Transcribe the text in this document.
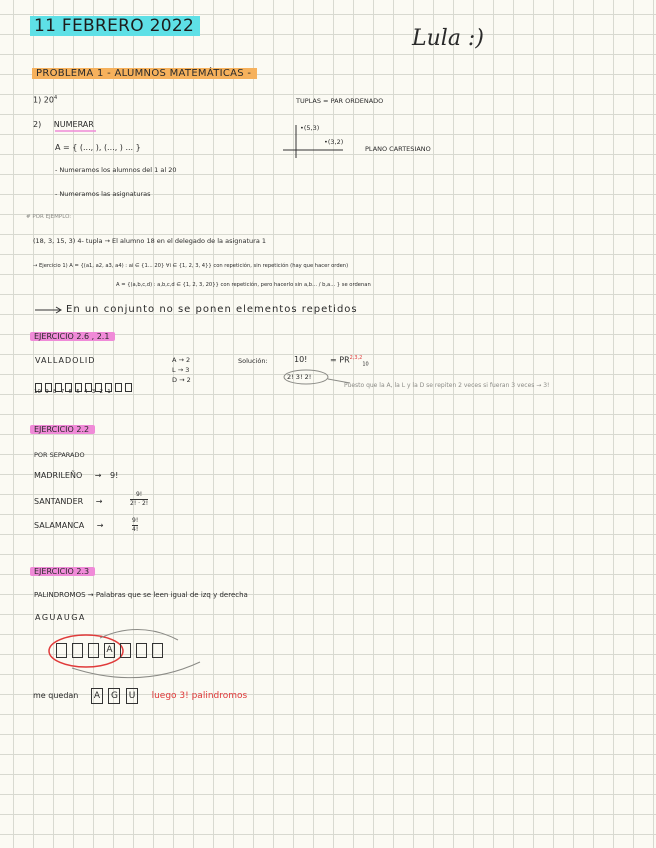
11 FEBRERO 2022	Lula :)
PROBLEMA 1 - ALUMNOS MATEMÁTICAS -
1) $20^4$
2) NUMERAR
A = { (..., ), (..., ) ... }
- Numeramos los alumnos del 1 al 20
- Numeramos las asignaturas
TUPLAS = PAR ORDENADO
•(5,3)
•(3,2)
PLANO CARTESIANO
# POR EJEMPLO:
(18, 3, 15, 3) 4- tupla → El alumno 18 en el delegado de la asignatura 1
→ Ejercicio 1) A = {(a1, a2, a3, a4) : ai ∈ {1... 20} ∀i ∈ {1, 2, 3, 4}} con repetición, sin repetición (hay que hacer orden)
A = {(a,b,c,d) : a,b,c,d ∈ {1, 2, 3, 20}} con repetición, pero hacerlo sin a,b... / b,a... } se ordenan
En un conjunto no se ponen elementos repetidos
EJERCICIO 2.6 , 2.1
VALLADOLID
10 9 8 7 6 5 4 3 2 1
A → 2
L → 3
D → 2
Solución:	10!
2! 3! 2!
= PR$^{2,3,2}_{10}$
Puesto que la A, la L y la D se repiten 2 veces si fueran 3 veces → 3!
EJERCICIO 2.2
POR SEPARADO
MADRILEÑO → 9!
SANTANDER →
9!
2! · 2!
SALAMANCA →
9!
4!
EJERCICIO 2.3
PALINDROMOS → Palabras que se leen igual de izq y derecha
AGUAUGA
A
me quedan A G U luego 3! palindromos
